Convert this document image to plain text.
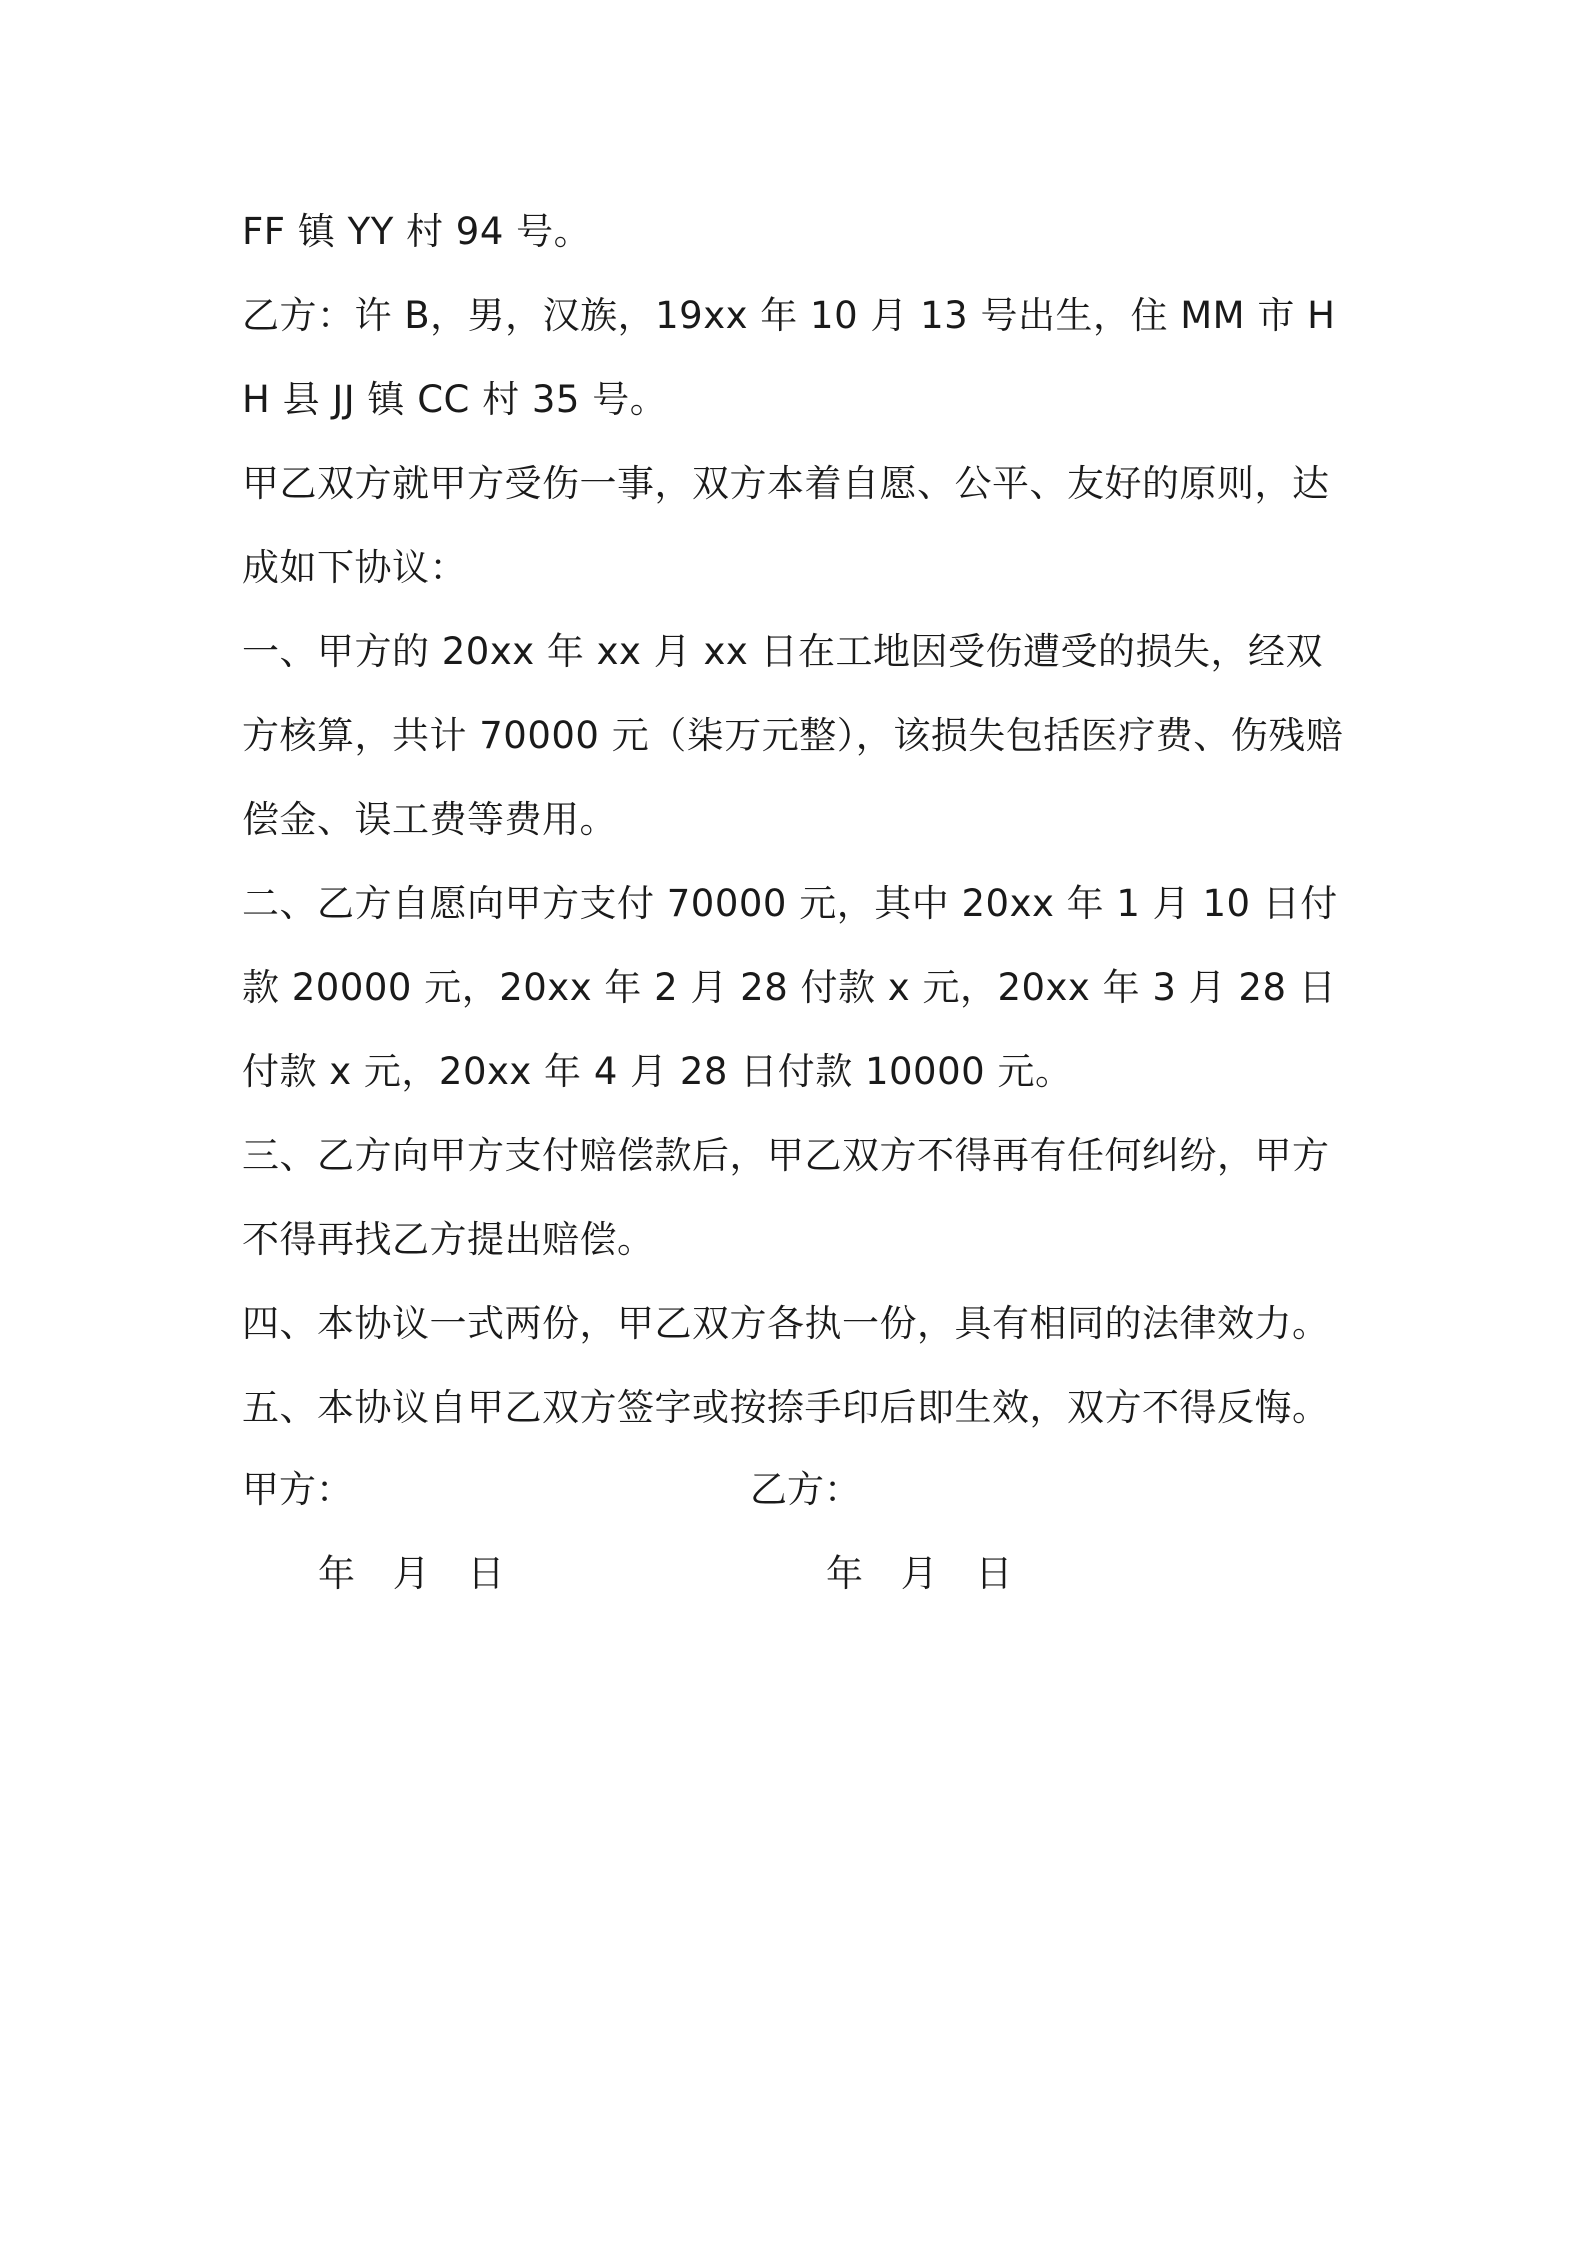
FF 镇 YY 村 94 号。

乙方：许 B，男，汉族，19xx 年 10 月 13 号出生，住 MM 市 HH 县 JJ 镇 CC 村 35 号。

甲乙双方就甲方受伤一事，双方本着自愿、公平、友好的原则，达成如下协议：

一、甲方的 20xx 年 xx 月 xx 日在工地因受伤遭受的损失，经双方核算，共计 70000 元（柒万元整），该损失包括医疗费、伤残赔偿金、误工费等费用。

二、乙方自愿向甲方支付 70000 元，其中 20xx 年 1 月 10 日付款 20000 元，20xx 年 2 月 28 付款 x 元，20xx 年 3 月 28 日付款 x 元，20xx 年 4 月 28 日付款 10000 元。

三、乙方向甲方支付赔偿款后，甲乙双方不得再有任何纠纷，甲方不得再找乙方提出赔偿。

四、本协议一式两份，甲乙双方各执一份，具有相同的法律效力。

五、本协议自甲乙双方签字或按捺手印后即生效，双方不得反悔。

甲方：	乙方：
年 月 日	年 月 日
